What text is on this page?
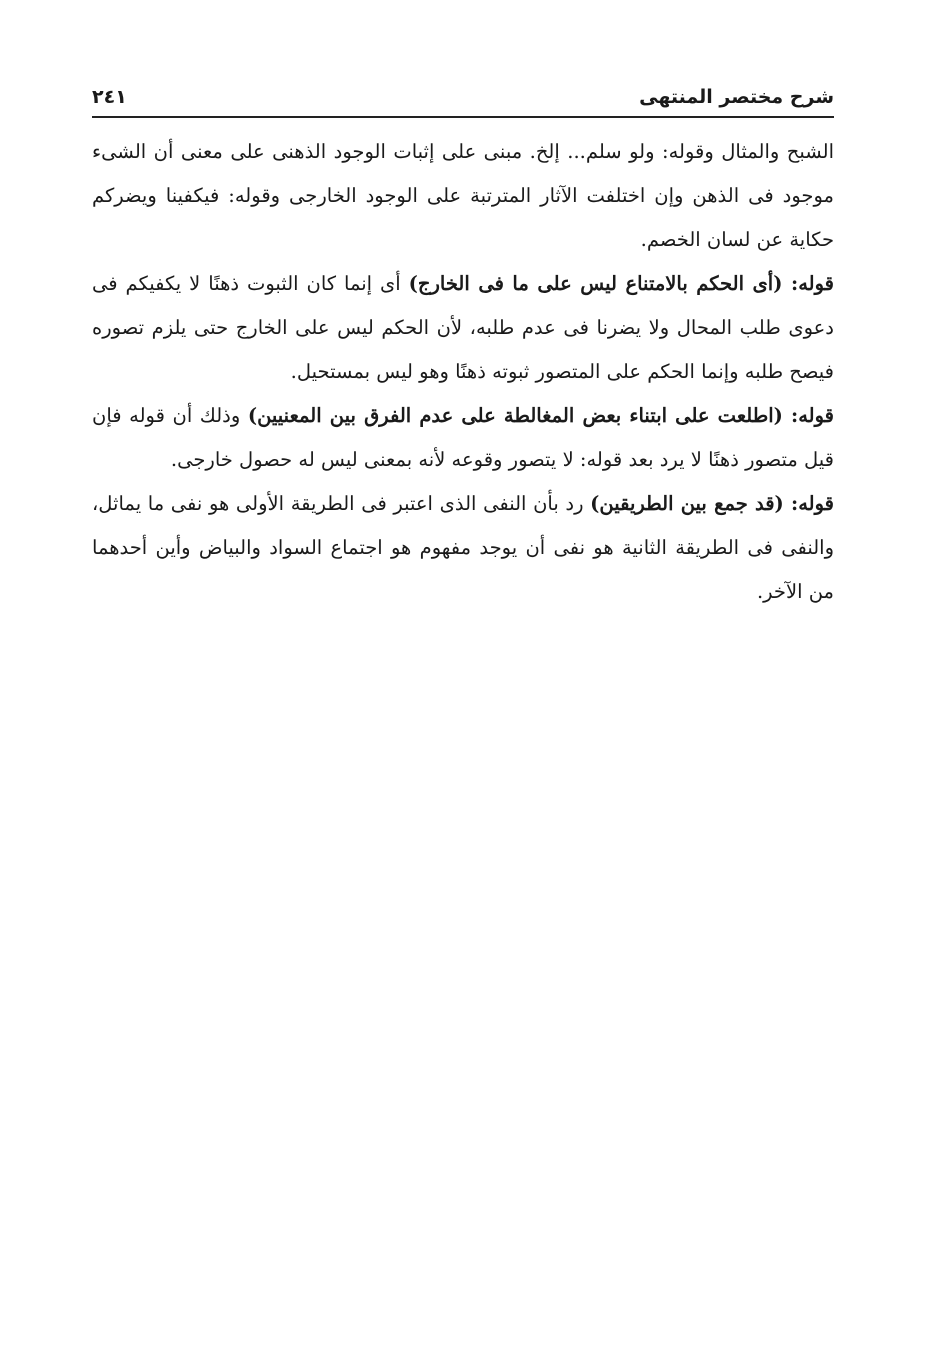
شرح مختصر المنتهى
٢٤١

الشبح والمثال وقوله: ولو سلم... إلخ. مبنى على إثبات الوجود الذهنى على معنى أن الشىء موجود فى الذهن وإن اختلفت الآثار المترتبة على الوجود الخارجى وقوله: فيكفينا ويضركم حكاية عن لسان الخصم.

قوله: (أى الحكم بالامتناع ليس على ما فى الخارج) أى إنما كان الثبوت ذهنًا لا يكفيكم فى دعوى طلب المحال ولا يضرنا فى عدم طلبه، لأن الحكم ليس على الخارج حتى يلزم تصوره فيصح طلبه وإنما الحكم على المتصور ثبوته ذهنًا وهو ليس بمستحيل.

قوله: (اطلعت على ابتناء بعض المغالطة على عدم الفرق بين المعنيين) وذلك أن قوله فإن قيل متصور ذهنًا لا يرد بعد قوله: لا يتصور وقوعه لأنه بمعنى ليس له حصول خارجى.

قوله: (قد جمع بين الطريقين) رد بأن النفى الذى اعتبر فى الطريقة الأولى هو نفى ما يماثل، والنفى فى الطريقة الثانية هو نفى أن يوجد مفهوم هو اجتماع السواد والبياض وأين أحدهما من الآخر.
